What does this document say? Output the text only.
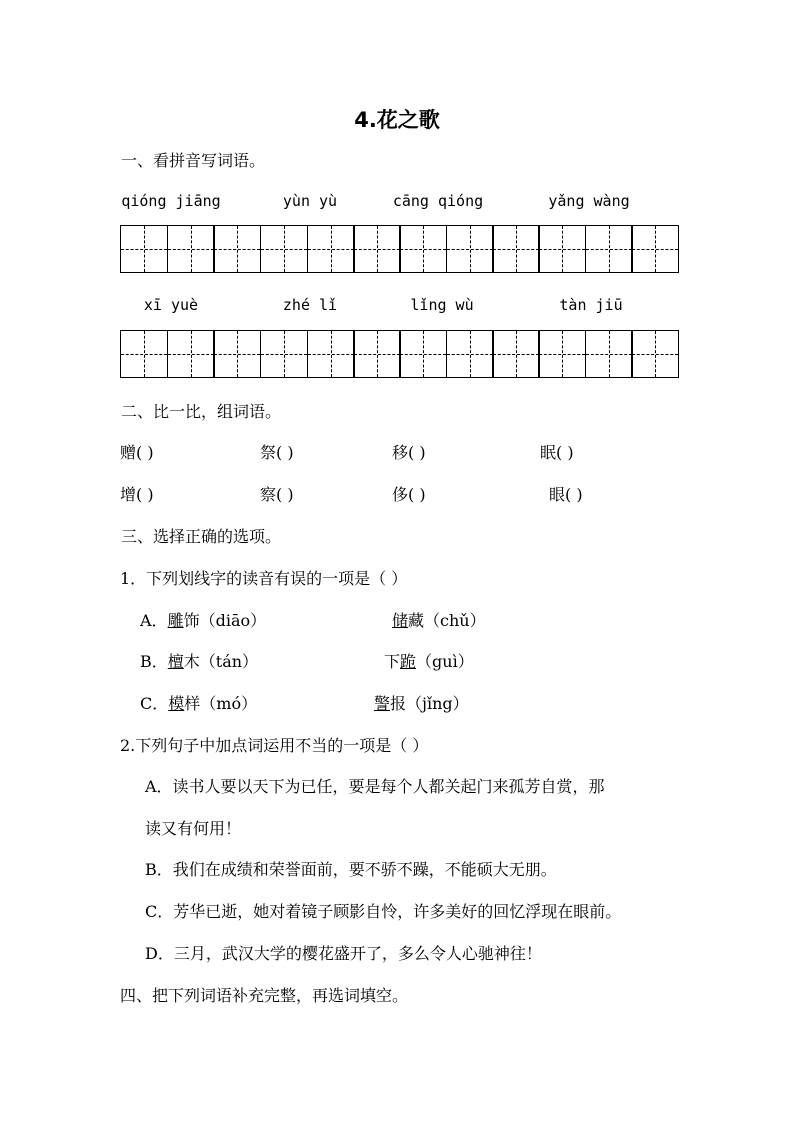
4.花之歌
一、看拼音写词语。
qióng jiāng	yùn yù	cāng qióng	yǎng wàng
xī yuè	zhé lǐ	lǐng wù	tàn jiū
二、比一比，组词语。
赠( )	祭( )	移( )	眠( )
增( )	察( )	侈( )	眼( )
三、选择正确的选项。
1．下列划线字的读音有误的一项是（ ）
A．雕饰（diāo）	储藏（chǔ）
B．檀木（tán）	下跪（guì）
C．模样（mó）	警报（jǐng）
2.下列句子中加点词运用不当的一项是（ ）
A．读书人要以天下为已任，要是每个人都关起门来孤芳自赏，那
读又有何用！
B．我们在成绩和荣誉面前，要不骄不躁，不能硕大无朋。
C．芳华已逝，她对着镜子顾影自怜，许多美好的回忆浮现在眼前。
D．三月，武汉大学的樱花盛开了，多么令人心驰神往！
四、把下列词语补充完整，再选词填空。
